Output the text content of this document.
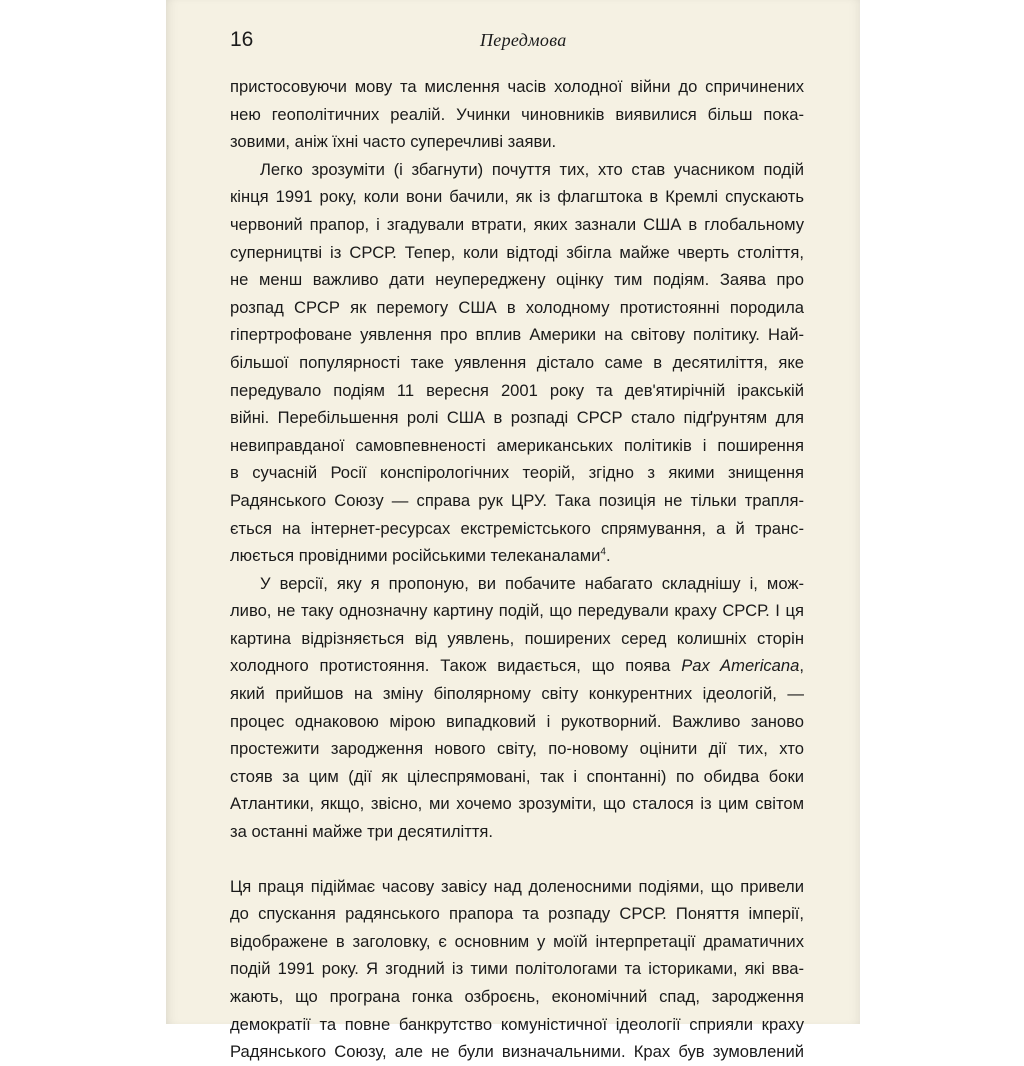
16	Передмова

пристосовуючи мову та мислення часів холодної війни до спричинених
нею геополітичних реалій. Учинки чиновників виявилися більш пока-
зовими, аніж їхні часто суперечливі заяви.

Легко зрозуміти (і збагнути) почуття тих, хто став учасником подій
кінця 1991 року, коли вони бачили, як із флагштока в Кремлі спускають
червоний прапор, і згадували втрати, яких зазнали США в глобальному
суперництві із СРСР. Тепер, коли відтоді збігла майже чверть століття,
не менш важливо дати неупереджену оцінку тим подіям. Заява про
розпад СРСР як перемогу США в холодному протистоянні породила
гіпертрофоване уявлення про вплив Америки на світову політику. Най-
більшої популярності таке уявлення дістало саме в десятиліття, яке
передувало подіям 11 вересня 2001 року та дев'ятирічній іракській
війні. Перебільшення ролі США в розпаді СРСР стало підґрунтям для
невиправданої самовпевненості американських політиків і поширення
в сучасній Росії конспірологічних теорій, згідно з якими знищення
Радянського Союзу — справа рук ЦРУ. Така позиція не тільки трапля-
ється на інтернет-ресурсах екстремістського спрямування, а й транс-
люється провідними російськими телеканалами$^4$.

У версії, яку я пропоную, ви побачите набагато складнішу і, мож-
ливо, не таку однозначну картину подій, що передували краху СРСР. І ця
картина відрізняється від уявлень, поширених серед колишніх сторін
холодного протистояння. Також видається, що поява Pax Americana,
який прийшов на зміну біполярному світу конкурентних ідеологій, —
процес однаковою мірою випадковий і рукотворний. Важливо заново
простежити зародження нового світу, по-новому оцінити дії тих, хто
стояв за цим (дії як цілеспрямовані, так і спонтанні) по обидва боки
Атлантики, якщо, звісно, ми хочемо зрозуміти, що сталося із цим світом
за останні майже три десятиліття.

Ця праця підіймає часову завісу над доленосними подіями, що привели
до спускання радянського прапора та розпаду СРСР. Поняття імперії,
відображене в заголовку, є основним у моїй інтерпретації драматичних
подій 1991 року. Я згодний із тими політологами та істориками, які вва-
жають, що програна гонка озброєнь, економічний спад, зародження
демократії та повне банкрутство комуністичної ідеології сприяли краху
Радянського Союзу, але не були визначальними. Крах був зумовлений
